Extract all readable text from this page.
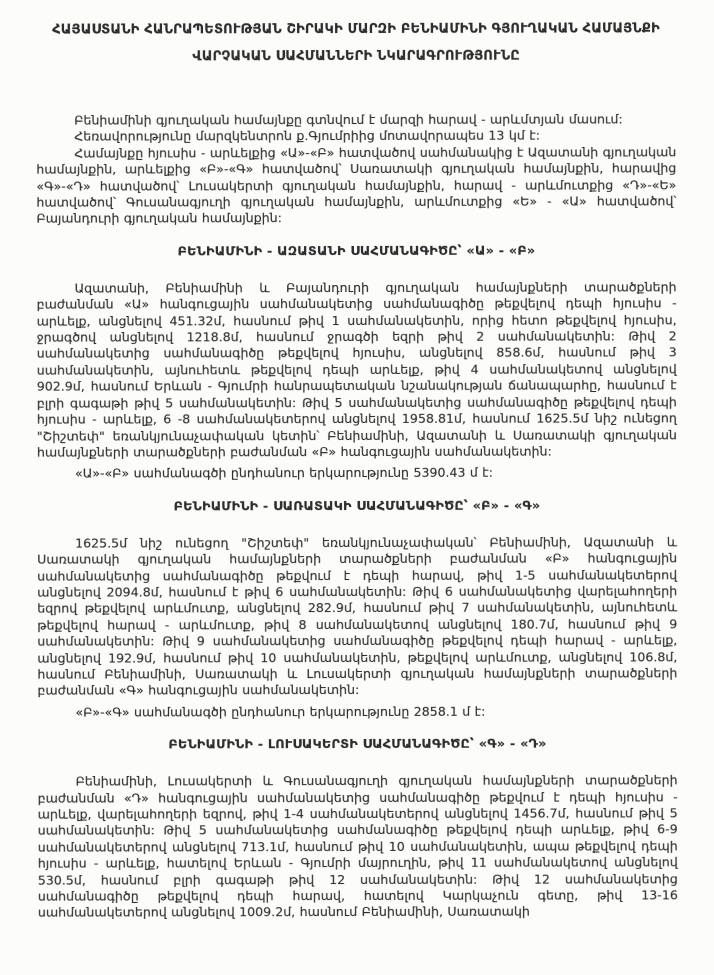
ՀԱՅԱՍՏԱՆԻ ՀԱՆՐԱՊԵՏՈՒԹՅԱՆ ՇԻՐԱԿԻ ՄԱՐԶԻ ԲԵՆԻԱՄԻՆԻ ԳՅՈՒՂԱԿԱՆ ՀԱՄԱՅՆՔԻ
ՎԱՐՉԱԿԱՆ ՍԱՀՄԱՆՆԵՐԻ ՆԿԱՐԱԳՐՈՒԹՅՈՒՆԸ

Բենիամինի գյուղական համայնքը գտնվում է մարզի հարավ - արևմտյան մասում:

Հեռավորությունը մարզկենտրոն ք.Գյումրիից մոտավորապես 13 կմ է:

Համայնքը հյուսիս - արևելքից «Ա»-«Բ» հատվածով սահմանակից է Ազատանի գյուղական համայնքին, արևելքից «Բ»-«Գ» հատվածով՝ Սառատակի գյուղական համայնքին, հարավից «Գ»-«Դ» հատվածով՝ Լուսակերտի գյուղական համայնքին, հարավ - արևմուտքից «Դ»-«Ե» հատվածով՝ Գուսանագյուղի գյուղական համայնքին, արևմուտքից «Ե» - «Ա» հատվածով՝ Բայանդուրի գյուղական համայնքին:

ԲԵՆԻԱՄԻՆԻ - ԱԶԱՏԱՆԻ ՍԱՀՄԱՆԱԳԻԾԸ՝ «Ա» - «Բ»

Ազատանի, Բենիամինի և Բայանդուրի գյուղական համայնքների տարածքների բաժանման «Ա» հանգուցային սահմանակետից սահմանագիծը թեքվելով դեպի հյուսիս - արևելք, անցնելով 451.32մ, հասնում թիվ 1 սահմանակետին, որից հետո թեքվելով հյուսիս, ջրագծով անցնելով 1218.8մ, հասնում ջրագծի եզրի թիվ 2 սահմանակետին: Թիվ 2 սահմանակետից սահմանագիծը թեքվելով հյուսիս, անցնելով 858.6մ, հասնում թիվ 3 սահմանակետին, այնուհետև թեքվելով դեպի արևելք, թիվ 4 սահմանակետով անցնելով 902.9մ, հասնում Երևան - Գյումրի հանրապետական նշանակության ճանապարհը, հասնում է բլրի գագաթի թիվ 5 սահմանակետին: Թիվ 5 սահմանակետից սահմանագիծը թեքվելով դեպի հյուսիս - արևելք, 6 -8 սահմանակետերով անցնելով 1958.81մ, հասնում 1625.5մ նիշ ունեցող "Շիշտեփ" եռանկյունաչափական կետին՝ Բենիամինի, Ազատանի և Սառատակի գյուղական համայնքների տարածքների բաժանման «Բ» հանգուցային սահմանակետին:

«Ա»-«Բ» սահմանագծի ընդհանուր երկարությունը 5390.43 մ է:

ԲԵՆԻԱՄԻՆԻ - ՍԱՌԱՏԱԿԻ ՍԱՀՄԱՆԱԳԻԾԸ՝ «Բ» - «Գ»

1625.5մ նիշ ունեցող "Շիշտեփ" եռանկյունաչափական՝ Բենիամինի, Ազատանի և Սառատակի գյուղական համայնքների տարածքների բաժանման «Բ» հանգուցային սահմանակետից սահմանագիծը թեքվում է դեպի հարավ, թիվ 1-5 սահմանակետերով անցնելով 2094.8մ, հասնում է թիվ 6 սահմանակետին: Թիվ 6 սահմանակետից վարելահողերի եզրով թեքվելով արևմուտք, անցնելով 282.9մ, հասնում թիվ 7 սահմանակետին, այնուհետև թեքվելով հարավ - արևմուտք, թիվ 8 սահմանակետով անցնելով 180.7մ, հասնում թիվ 9 սահմանակետին: Թիվ 9 սահմանակետից սահմանագիծը թեքվելով դեպի հարավ - արևելք, անցնելով 192.9մ, հասնում թիվ 10 սահմանակետին, թեքվելով արևմուտք, անցնելով 106.8մ, հասնում Բենիամինի, Սառատակի և Լուսակերտի գյուղական համայնքների տարածքների բաժանման «Գ» հանգուցային սահմանակետին:

«Բ»-«Գ» սահմանագծի ընդհանուր երկարությունը 2858.1 մ է:

ԲԵՆԻԱՄԻՆԻ - ԼՈՒՍԱԿԵՐՏԻ ՍԱՀՄԱՆԱԳԻԾԸ՝ «Գ» - «Դ»

Բենիամինի, Լուսակերտի և Գուսանագյուղի գյուղական համայնքների տարածքների բաժանման «Դ» հանգուցային սահմանակետից սահմանագիծը թեքվում է դեպի հյուսիս - արևելք, վարելահողերի եզրով, թիվ 1-4 սահմանակետերով անցնելով 1456.7մ, հասնում թիվ 5 սահմանակետին: Թիվ 5 սահմանակետից սահմանագիծը թեքվելով դեպի արևելք, թիվ 6-9 սահմանակետերով անցնելով 713.1մ, հասնում թիվ 10 սահմանակետին, ապա թեքվելով դեպի հյուսիս - արևելք, հատելով Երևան - Գյումրի մայրուղին, թիվ 11 սահմանակետով անցնելով 530.5մ, հասնում բլրի գագաթի թիվ 12 սահմանակետին: Թիվ 12 սահմանակետից սահմանագիծը թեքվելով դեպի հարավ, հատելով Կարկաչուն գետը, թիվ 13-16 սահմանակետերով անցնելով 1009.2մ, հասնում Բենիամինի, Սառատակի
